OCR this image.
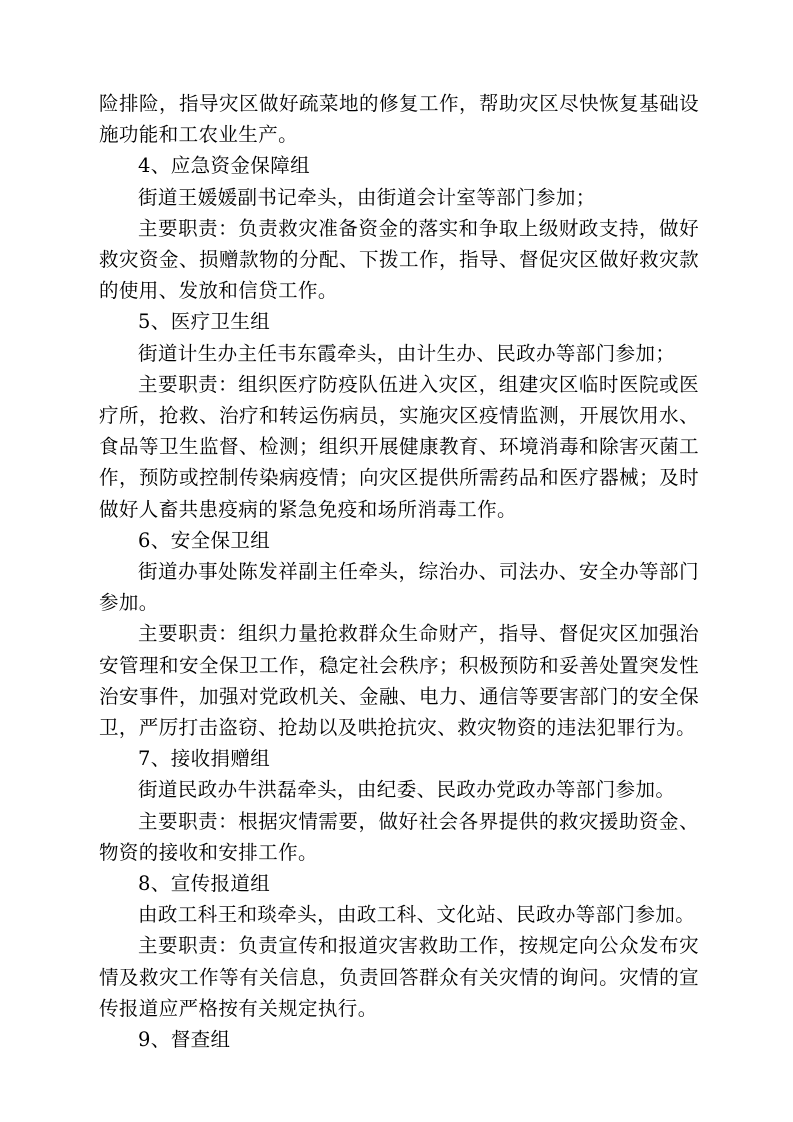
险排险，指导灾区做好疏菜地的修复工作，帮助灾区尽快恢复基础设施功能和工农业生产。

4、应急资金保障组

街道王媛媛副书记牵头，由街道会计室等部门参加；

主要职责：负责救灾准备资金的落实和争取上级财政支持，做好救灾资金、损赠款物的分配、下拨工作，指导、督促灾区做好救灾款的使用、发放和信贷工作。

5、医疗卫生组

街道计生办主任韦东霞牵头，由计生办、民政办等部门参加；

主要职责：组织医疗防疫队伍进入灾区，组建灾区临时医院或医疗所，抢救、治疗和转运伤病员，实施灾区疫情监测，开展饮用水、食品等卫生监督、检测；组织开展健康教育、环境消毒和除害灭菌工作，预防或控制传染病疫情；向灾区提供所需药品和医疗器械；及时做好人畜共患疫病的紧急免疫和场所消毒工作。

6、安全保卫组

街道办事处陈发祥副主任牵头，综治办、司法办、安全办等部门参加。

主要职责：组织力量抢救群众生命财产，指导、督促灾区加强治安管理和安全保卫工作，稳定社会秩序；积极预防和妥善处置突发性治安事件，加强对党政机关、金融、电力、通信等要害部门的安全保卫，严厉打击盗窃、抢劫以及哄抢抗灾、救灾物资的违法犯罪行为。

7、接收捐赠组

街道民政办牛洪磊牵头，由纪委、民政办党政办等部门参加。

主要职责：根据灾情需要，做好社会各界提供的救灾援助资金、物资的接收和安排工作。

8、宣传报道组

由政工科王和琰牵头，由政工科、文化站、民政办等部门参加。

主要职责：负责宣传和报道灾害救助工作，按规定向公众发布灾情及救灾工作等有关信息，负责回答群众有关灾情的询问。灾情的宣传报道应严格按有关规定执行。

9、督查组
